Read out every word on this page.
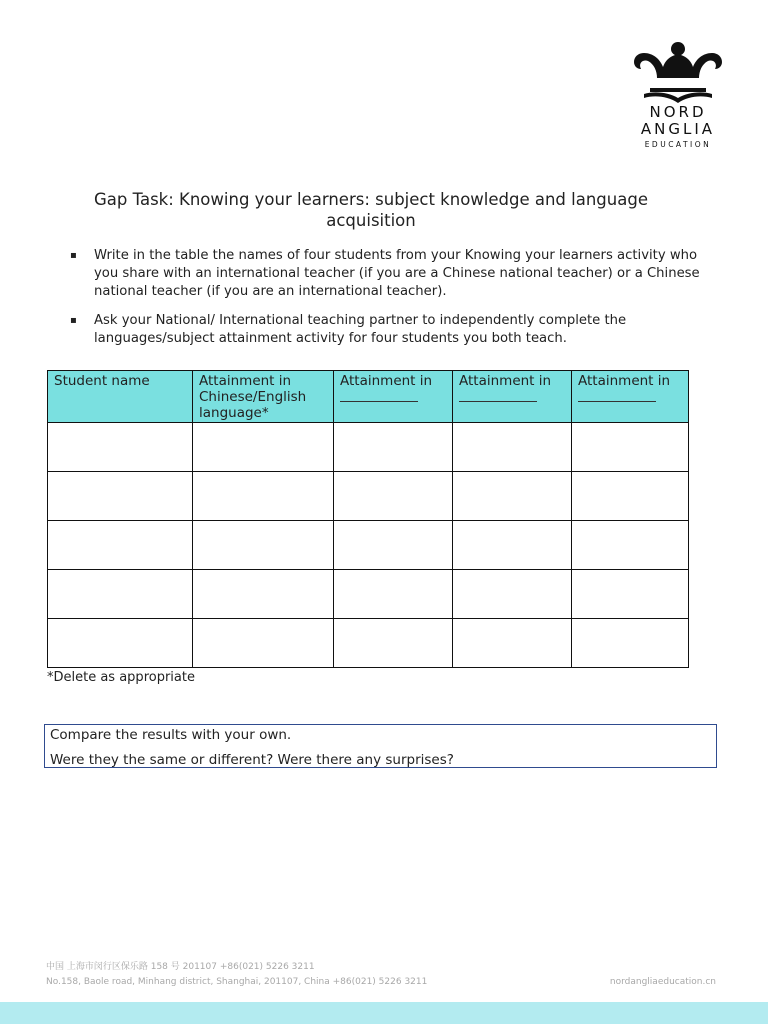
NORD
ANGLIA
EDUCATION
Gap Task: Knowing your learners: subject knowledge and language acquisition
▪ Write in the table the names of four students from your Knowing your learners activity who you share with an international teacher (if you are a Chinese national teacher) or a Chinese national teacher (if you are an international teacher).
▪ Ask your National/ International teaching partner to independently complete the languages/subject attainment activity for four students you both teach.
Student name	Attainment in Chinese/English language*	Attainment in	Attainment in	Attainment in

*Delete as appropriate

Compare the results with your own.

Were they the same or different? Were there any surprises?

中国 上海市闵行区保乐路 158 号 201107 +86(021) 5226 3211
No.158, Baole road, Minhang district, Shanghai, 201107, China +86(021) 5226 3211	nordangliaeducation.cn
